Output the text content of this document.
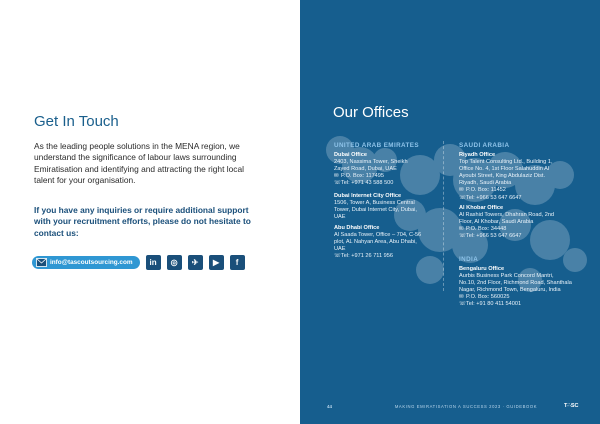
Get In Touch

As the leading people solutions in the MENA region, we understand the significance of labour laws surrounding Emiratisation and identifying and attracting the right local talent for your organisation.

If you have any inquiries or require additional support with your recruitment efforts, please do not hesitate to contact us:

info@tascoutsourcing.com	in	◎	✈	▶	f
Our Offices
UNITED ARAB EMIRATES	SAUDI ARABIA
Dubai Office
2403, Nassima Tower, Sheikh
Zayed Road, Dubai, UAE
✉ P.O. Box: 117495
☏ Tel: +971 43 588 500
Dubai Internet City Office
1506, Tower A, Business Central
Tower, Dubai Internet City, Dubai,
UAE
Abu Dhabi Office
Al Saada Tower, Office – 704, C-56
plot, AL Nahyan Area, Abu Dhabi,
UAE
☏ Tel: +971 26 711 956
Riyadh Office
Top Talent Consulting Ltd., Building 1,
Office No. 4, 1st Floor Salahuddin Al
Ayoubi Street, King Abdulaziz Dist.
Riyadh, Saudi Arabia
✉ P.O. Box: 11452
☏ Tel: +966 53 647 6647
Al Khobar Office
Al Rashid Towers, Dhahran Road, 2nd
Floor, Al Khobar, Saudi Arabia
✉ P.O. Box: 34448
☏ Tel: +966 53 647 6647
INDIA
Bengaluru Office
Aurbis Business Park Concord Mantri,
No.10, 2nd Floor, Richmond Road, Shanthala
Nagar, Richmond Town, Bengaluru, India
✉ P.O. Box: 560025
☏ Tel: +91 80 411 54001
44	MAKING EMIRATISATION A SUCCESS 2023 · GUIDEBOOK	T∴SC
